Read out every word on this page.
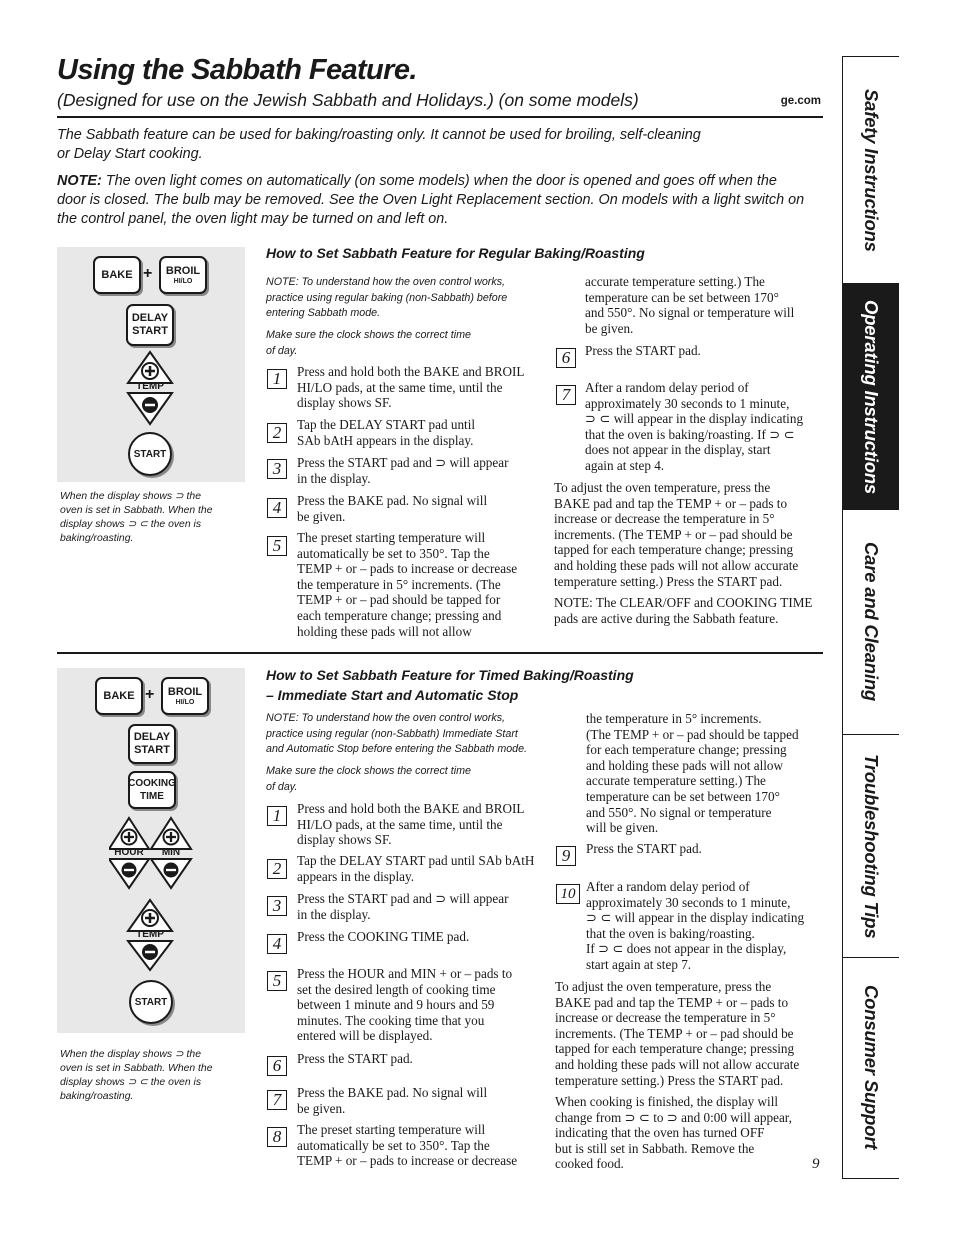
Using the Sabbath Feature.
(Designed for use on the Jewish Sabbath and Holidays.) (on some models)	ge.com
The Sabbath feature can be used for baking/roasting only. It cannot be used for broiling, self-cleaning
or Delay Start cooking.
NOTE: The oven light comes on automatically (on some models) when the door is opened and goes off when the
door is closed. The bulb may be removed. See the Oven Light Replacement section. On models with a light switch on
the control panel, the oven light may be turned on and left on.
BAKE + BROIL
HI/LO
DELAY
START
TEMP
START
When the display shows ⊃ the
oven is set in Sabbath. When the
display shows ⊃ ⊂ the oven is
baking/roasting.
How to Set Sabbath Feature for Regular Baking/Roasting
NOTE: To understand how the oven control works,
practice using regular baking (non-Sabbath) before
entering Sabbath mode.
Make sure the clock shows the correct time
of day.
1	Press and hold both the BAKE and BROIL
HI/LO pads, at the same time, until the
display shows SF.
2	Tap the DELAY START pad until
SAb bAtH appears in the display.
3	Press the START pad and ⊃ will appear
in the display.
4	Press the BAKE pad. No signal will
be given.
5	The preset starting temperature will
automatically be set to 350°. Tap the
TEMP + or – pads to increase or decrease
the temperature in 5° increments. (The
TEMP + or – pad should be tapped for
each temperature change; pressing and
holding these pads will not allow
accurate temperature setting.) The
temperature can be set between 170°
and 550°. No signal or temperature will
be given.
6	Press the START pad.
7	After a random delay period of
approximately 30 seconds to 1 minute,
⊃ ⊂ will appear in the display indicating
that the oven is baking/roasting. If ⊃ ⊂
does not appear in the display, start
again at step 4.
To adjust the oven temperature, press the
BAKE pad and tap the TEMP + or – pads to
increase or decrease the temperature in 5°
increments. (The TEMP + or – pad should be
tapped for each temperature change; pressing
and holding these pads will not allow accurate
temperature setting.) Press the START pad.
NOTE: The CLEAR/OFF and COOKING TIME
pads are active during the Sabbath feature.
BAKE + BROIL
HI/LO
DELAY
START
COOKING
TIME
HOUR	MIN
TEMP
START
When the display shows ⊃ the
oven is set in Sabbath. When the
display shows ⊃ ⊂ the oven is
baking/roasting.
How to Set Sabbath Feature for Timed Baking/Roasting
– Immediate Start and Automatic Stop
NOTE: To understand how the oven control works,
practice using regular (non-Sabbath) Immediate Start
and Automatic Stop before entering the Sabbath mode.
Make sure the clock shows the correct time
of day.
1	Press and hold both the BAKE and BROIL
HI/LO pads, at the same time, until the
display shows SF.
2	Tap the DELAY START pad until SAb bAtH
appears in the display.
3	Press the START pad and ⊃ will appear
in the display.
4	Press the COOKING TIME pad.
5	Press the HOUR and MIN + or – pads to
set the desired length of cooking time
between 1 minute and 9 hours and 59
minutes. The cooking time that you
entered will be displayed.
6	Press the START pad.
7	Press the BAKE pad. No signal will
be given.
8	The preset starting temperature will
automatically be set to 350°. Tap the
TEMP + or – pads to increase or decrease
the temperature in 5° increments.
(The TEMP + or – pad should be tapped
for each temperature change; pressing
and holding these pads will not allow
accurate temperature setting.) The
temperature can be set between 170°
and 550°. No signal or temperature
will be given.
9	Press the START pad.
10 After a random delay period of
approximately 30 seconds to 1 minute,
⊃ ⊂ will appear in the display indicating
that the oven is baking/roasting.
If ⊃ ⊂ does not appear in the display,
start again at step 7.
To adjust the oven temperature, press the
BAKE pad and tap the TEMP + or – pads to
increase or decrease the temperature in 5°
increments. (The TEMP + or – pad should be
tapped for each temperature change; pressing
and holding these pads will not allow accurate
temperature setting.) Press the START pad.
When cooking is finished, the display will
change from ⊃ ⊂ to ⊃ and 0:00 will appear,
indicating that the oven has turned OFF
but is still set in Sabbath. Remove the
cooked food.	9
Safety Instructions
Operating Instructions
Care and Cleaning
Troubleshooting Tips
Consumer Support
